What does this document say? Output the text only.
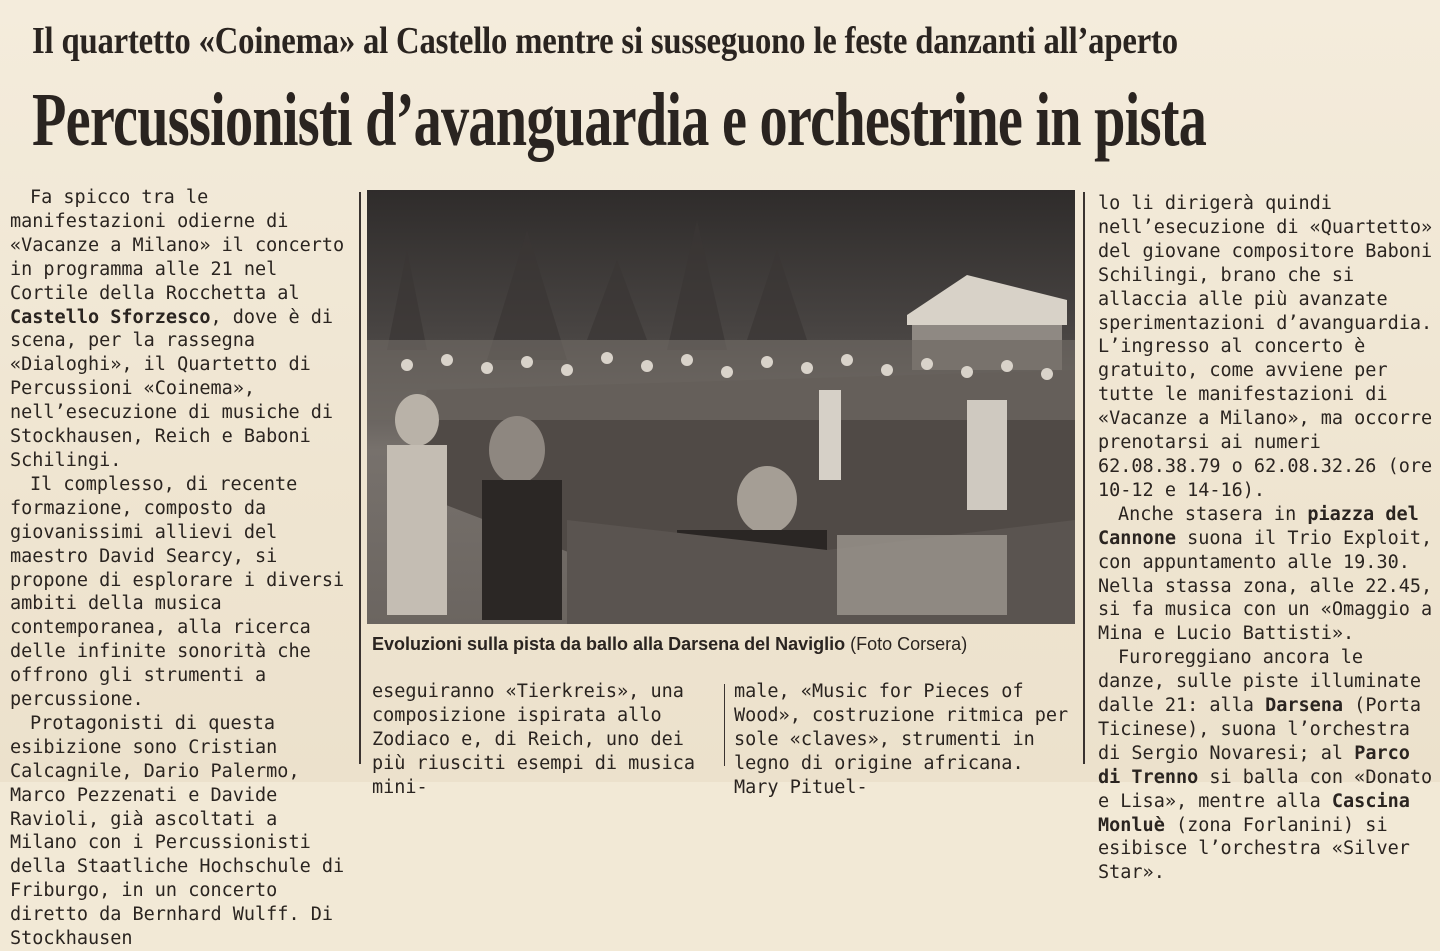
Il quartetto «Coinema» al Castello mentre si susseguono le feste danzanti all’aperto
Percussionisti d’avanguardia e orchestrine in pista

Fa spicco tra le manifestazioni odierne di «Vacanze a Milano» il concerto in programma alle 21 nel Cortile della Rocchetta al Castello Sforzesco, dove è di scena, per la rassegna «Dialoghi», il Quartetto di Percussioni «Coinema», nell’esecuzione di musiche di Stockhausen, Reich e Baboni Schilingi.

Il complesso, di recente formazione, composto da giovanissimi allievi del maestro David Searcy, si propone di esplorare i diversi ambiti della musica contemporanea, alla ricerca delle infinite sonorità che offrono gli strumenti a percussione.

Protagonisti di questa esibizione sono Cristian Calcagnile, Dario Palermo, Marco Pezzenati e Davide Ravioli, già ascoltati a Milano con i Percussionisti della Staatliche Hochschule di Friburgo, in un concerto diretto da Bernhard Wulff. Di Stockhausen

Evoluzioni sulla pista da ballo alla Darsena del Naviglio (Foto Corsera)

eseguiranno «Tierkreis», una composizione ispirata allo Zodiaco e, di Reich, uno dei più riusciti esempi di musica mini-

male, «Music for Pieces of Wood», costruzione ritmica per sole «claves», strumenti in legno di origine africana. Mary Pituel-

lo li dirigerà quindi nell’esecuzione di «Quartetto» del giovane compositore Baboni Schilingi, brano che si allaccia alle più avanzate sperimentazioni d’avanguardia. L’ingresso al concerto è gratuito, come avviene per tutte le manifestazioni di «Vacanze a Milano», ma occorre prenotarsi ai numeri 62.08.38.79 o 62.08.32.26 (ore 10-12 e 14-16).

Anche stasera in piazza del Cannone suona il Trio Exploit, con appuntamento alle 19.30. Nella stassa zona, alle 22.45, si fa musica con un «Omaggio a Mina e Lucio Battisti».

Furoreggiano ancora le danze, sulle piste illuminate dalle 21: alla Darsena (Porta Ticinese), suona l’orchestra di Sergio Novaresi; al Parco di Trenno si balla con «Donato e Lisa», mentre alla Cascina Monluè (zona Forlanini) si esibisce l’orchestra «Silver Star».
